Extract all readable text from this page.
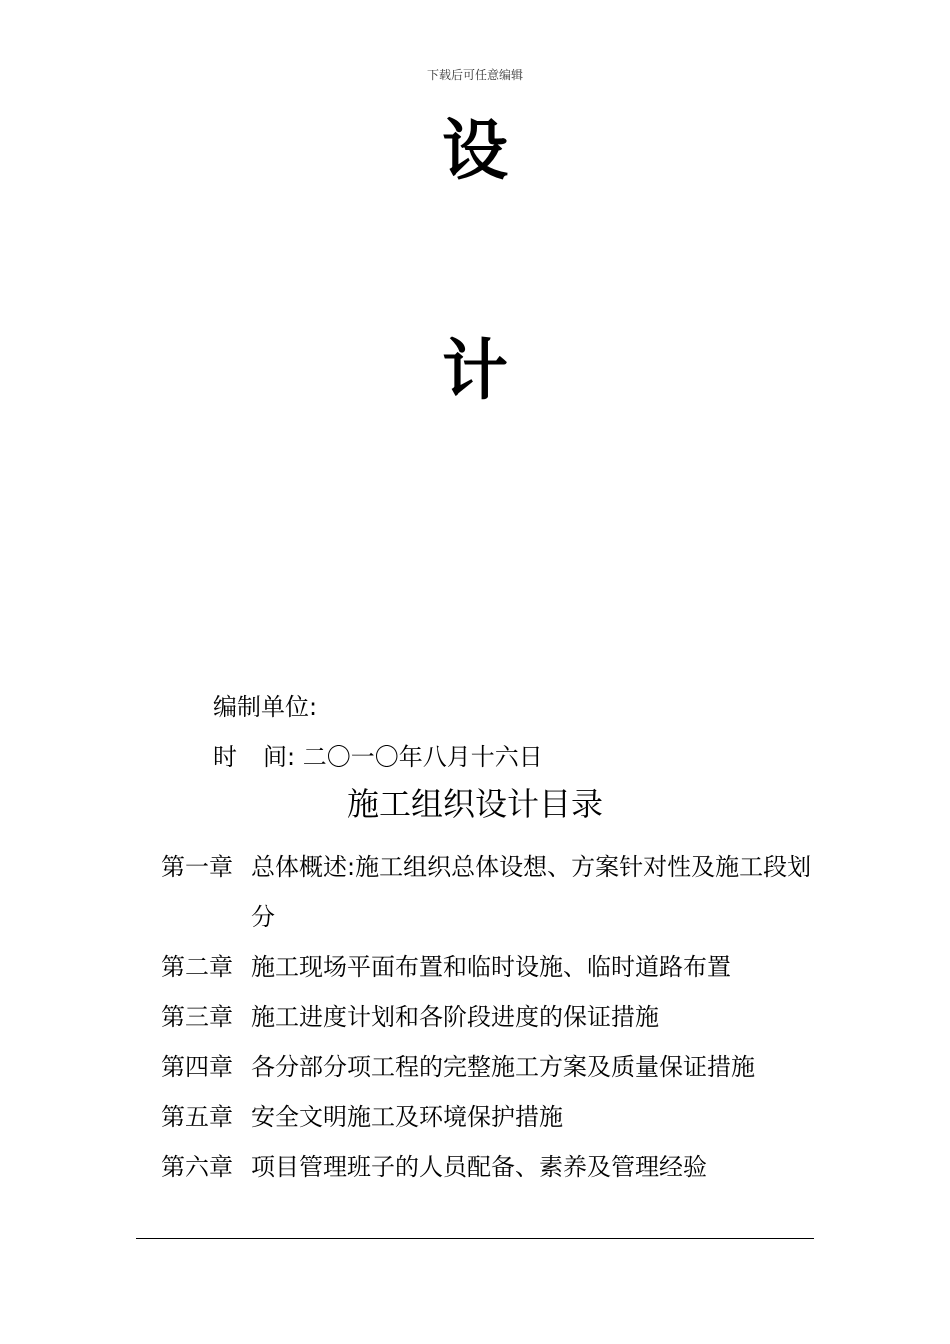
下载后可任意编辑
设
计
编制单位:
时 间: 二〇一〇年八月十六日
施工组织设计目录
第一章 总体概述:施工组织总体设想、方案针对性及施工段划分
第二章 施工现场平面布置和临时设施、临时道路布置
第三章 施工进度计划和各阶段进度的保证措施
第四章 各分部分项工程的完整施工方案及质量保证措施
第五章 安全文明施工及环境保护措施
第六章 项目管理班子的人员配备、素养及管理经验
